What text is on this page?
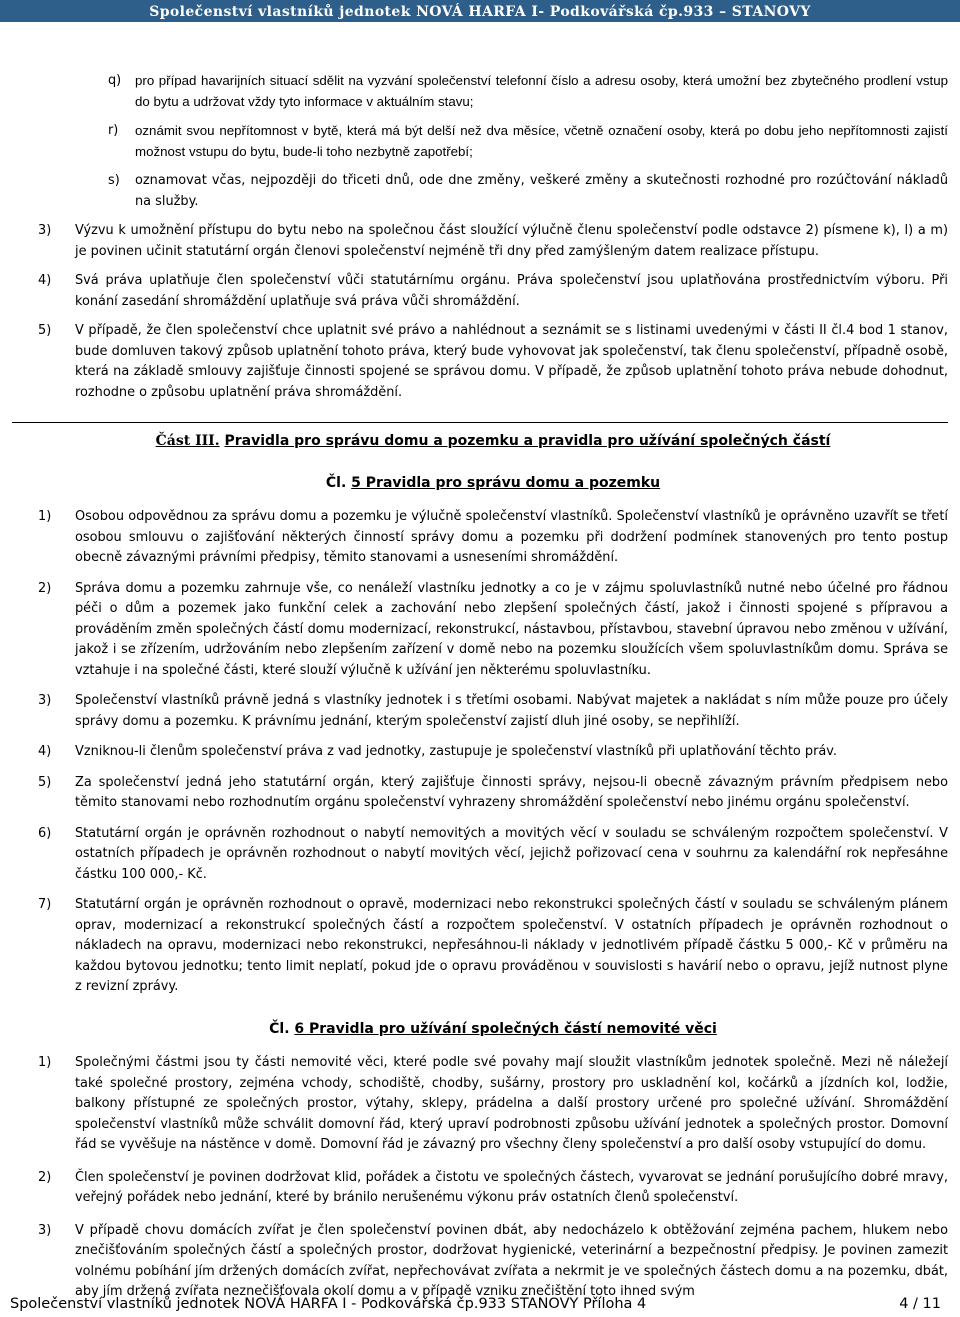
Společenství vlastníků jednotek NOVÁ HARFA I- Podkovářská čp.933 – STANOVY
q) pro případ havarijních situací sdělit na vyzvání společenství telefonní číslo a adresu osoby, která umožní bez zbytečného prodlení vstup do bytu a udržovat vždy tyto informace v aktuálním stavu;
r) oznámit svou nepřítomnost v bytě, která má být delší než dva měsíce, včetně označení osoby, která po dobu jeho nepřítomnosti zajistí možnost vstupu do bytu, bude-li toho nezbytně zapotřebí;
s) oznamovat včas, nejpozději do třiceti dnů, ode dne změny, veškeré změny a skutečnosti rozhodné pro rozúčtování nákladů na služby.
3) Výzvu k umožnění přístupu do bytu nebo na společnou část sloužící výlučně členu společenství podle odstavce 2) písmene k), l) a m) je povinen učinit statutární orgán členovi společenství nejméně tři dny před zamýšleným datem realizace přístupu.
4) Svá práva uplatňuje člen společenství vůči statutárnímu orgánu. Práva společenství jsou uplatňována prostřednictvím výboru. Při konání zasedání shromáždění uplatňuje svá práva vůči shromáždění.
5) V případě, že člen společenství chce uplatnit své právo a nahlédnout a seznámit se s listinami uvedenými v části II čl.4 bod 1 stanov, bude domluven takový způsob uplatnění tohoto práva, který bude vyhovovat jak společenství, tak členu společenství, případně osobě, která na základě smlouvy zajišťuje činnosti spojené se správou domu. V případě, že způsob uplatnění tohoto práva nebude dohodnut, rozhodne o způsobu uplatnění práva shromáždění.
Část III. Pravidla pro správu domu a pozemku a pravidla pro užívání společných částí
Čl. 5 Pravidla pro správu domu a pozemku
1) Osobou odpovědnou za správu domu a pozemku je výlučně společenství vlastníků. Společenství vlastníků je oprávněno uzavřít se třetí osobou smlouvu o zajišťování některých činností správy domu a pozemku při dodržení podmínek stanovených pro tento postup obecně závaznými právními předpisy, těmito stanovami a usneseními shromáždění.
2) Správa domu a pozemku zahrnuje vše, co nenáleží vlastníku jednotky a co je v zájmu spoluvlastníků nutné nebo účelné pro řádnou péči o dům a pozemek jako funkční celek a zachování nebo zlepšení společných částí, jakož i činnosti spojené s přípravou a prováděním změn společných částí domu modernizací, rekonstrukcí, nástavbou, přístavbou, stavební úpravou nebo změnou v užívání, jakož i se zřízením, udržováním nebo zlepšením zařízení v domě nebo na pozemku sloužících všem spoluvlastníkům domu. Správa se vztahuje i na společné části, které slouží výlučně k užívání jen některému spoluvlastníku.
3) Společenství vlastníků právně jedná s vlastníky jednotek i s třetími osobami. Nabývat majetek a nakládat s ním může pouze pro účely správy domu a pozemku. K právnímu jednání, kterým společenství zajistí dluh jiné osoby, se nepřihlíží.
4) Vzniknou-li členům společenství práva z vad jednotky, zastupuje je společenství vlastníků při uplatňování těchto práv.
5) Za společenství jedná jeho statutární orgán, který zajišťuje činnosti správy, nejsou-li obecně závazným právním předpisem nebo těmito stanovami nebo rozhodnutím orgánu společenství vyhrazeny shromáždění společenství nebo jinému orgánu společenství.
6) Statutární orgán je oprávněn rozhodnout o nabytí nemovitých a movitých věcí v souladu se schváleným rozpočtem společenství. V ostatních případech je oprávněn rozhodnout o nabytí movitých věcí, jejichž pořizovací cena v souhrnu za kalendářní rok nepřesáhne částku 100 000,- Kč.
7) Statutární orgán je oprávněn rozhodnout o opravě, modernizaci nebo rekonstrukci společných částí v souladu se schváleným plánem oprav, modernizací a rekonstrukcí společných částí a rozpočtem společenství. V ostatních případech je oprávněn rozhodnout o nákladech na opravu, modernizaci nebo rekonstrukci, nepřesáhnou-li náklady v jednotlivém případě částku 5 000,- Kč v průměru na každou bytovou jednotku; tento limit neplatí, pokud jde o opravu prováděnou v souvislosti s havárií nebo o opravu, jejíž nutnost plyne z revizní zprávy.
Čl. 6 Pravidla pro užívání společných částí nemovité věci
1) Společnými částmi jsou ty části nemovité věci, které podle své povahy mají sloužit vlastníkům jednotek společně. Mezi ně náležejí také společné prostory, zejména vchody, schodiště, chodby, sušárny, prostory pro uskladnění kol, kočárků a jízdních kol, lodžie, balkony přístupné ze společných prostor, výtahy, sklepy, prádelna a další prostory určené pro společné užívání. Shromáždění společenství vlastníků může schválit domovní řád, který upraví podrobnosti způsobu užívání jednotek a společných prostor. Domovní řád se vyvěšuje na nástěnce v domě. Domovní řád je závazný pro všechny členy společenství a pro další osoby vstupující do domu.
2) Člen společenství je povinen dodržovat klid, pořádek a čistotu ve společných částech, vyvarovat se jednání porušujícího dobré mravy, veřejný pořádek nebo jednání, které by bránilo nerušenému výkonu práv ostatních členů společenství.
3) V případě chovu domácích zvířat je člen společenství povinen dbát, aby nedocházelo k obtěžování zejména pachem, hlukem nebo znečišťováním společných částí a společných prostor, dodržovat hygienické, veterinární a bezpečnostní předpisy. Je povinen zamezit volnému pobíhání jím držených domácích zvířat, nepřechovávat zvířata a nekrmit je ve společných částech domu a na pozemku, dbát, aby jím držená zvířata neznečišťovala okolí domu a v případě vzniku znečištění toto ihned svým
Společenství vlastníků jednotek NOVÁ HARFA I - Podkovářská čp.933 STANOVY Příloha 4	4 / 11
